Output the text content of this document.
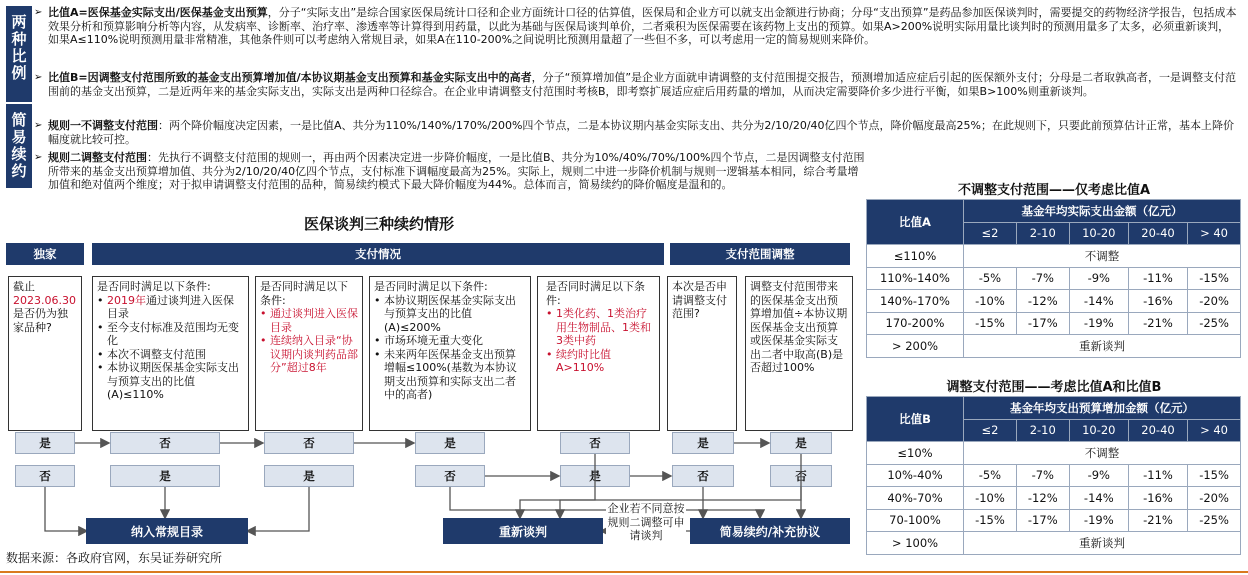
两种比例
简易续约
➢ 比值A=医保基金实际支出/医保基金支出预算，分子“实际支出”是综合国家医保局统计口径和企业方面统计口径的估算值，医保局和企业方可以就支出金额进行协商；分母“支出预算”是药品参加医保谈判时，需要提交的药物经济学报告，包括成本效果分析和预算影响分析等内容，从发病率、诊断率、治疗率、渗透率等计算得到用药量，以此为基础与医保局谈判单价，二者乘积为医保需要在该药物上支出的预算。如果A>200%说明实际用量比谈判时的预测用量多了太多，必须重新谈判，如果A≤110%说明预测用量非常精准，其他条件则可以考虑纳入常规目录，如果A在110-200%之间说明比预测用量超了一些但不多，可以考虑用一定的简易规则来降价。
➢ 比值B=因调整支付范围所致的基金支出预算增加值/本协议期基金支出预算和基金实际支出中的高者，分子“预算增加值”是企业方面就申请调整的支付范围提交报告，预测增加适应症后引起的医保额外支付；分母是二者取孰高者，一是调整支付范围前的基金支出预算，二是近两年来的基金实际支出，实际支出是两种口径综合。在企业申请调整支付范围时考核B，即考察扩展适应症后用药量的增加，从而决定需要降价多少进行平衡，如果B>100%则重新谈判。
➢ 规则一不调整支付范围：两个降价幅度决定因素，一是比值A、共分为110%/140%/170%/200%四个节点，二是本协议期内基金实际支出、共分为2/10/20/40亿四个节点，降价幅度最高25%；在此规则下，只要此前预算估计正常，基本上降价幅度就比较可控。
➢ 规则二调整支付范围：先执行不调整支付范围的规则一，再由两个因素决定进一步降价幅度，一是比值B、共分为10%/40%/70%/100%四个节点，二是因调整支付范围所带来的基金支出预算增加值、共分为2/10/20/40亿四个节点，支付标准下调幅度最高为25%。实际上，规则二中进一步降价机制与规则一逻辑基本相同，综合考量增加值和绝对值两个维度；对于拟申请调整支付范围的品种，简易续约模式下最大降价幅度为44%。总体而言，简易续约的降价幅度是温和的。
医保谈判三种续约情形
独家	支付情况	支付范围调整
截止2023.06.30是否仍为独家品种?
是否同时满足以下条件:
• 2019年通过谈判进入医保目录
• 至今支付标准及范围均无变化
• 本次不调整支付范围
• 本协议期医保基金实际支出与预算支出的比值(A)≤110%
是否同时满足以下条件:
• 通过谈判进入医保目录
• 连续纳入目录“协议期内谈判药品部分”超过8年
是否同时满足以下条件:
• 本协议期医保基金实际支出与预算支出的比值(A)≤200%
• 市场环境无重大变化
• 未来两年医保基金支出预算增幅≤100%(基数为本协议期支出预算和实际支出二者中的高者)
是否同时满足以下条件:
• 1类化药、1类治疗用生物制品、1类和3类中药
• 续约时比值A>110%
本次是否申请调整支付范围?
调整支付范围带来的医保基金支出预算增加值÷本协议期医保基金支出预算或医保基金实际支出二者中取高(B)是否超过100%
是
否
否
是
否
是
是
否
否
是
是
否
是
否
纳入常规目录	重新谈判	简易续约/补充协议
企业若不同意按规则二调整可申请谈判
不调整支付范围——仅考虑比值A
比值A	基金年均实际支出金额（亿元）				
	≤2	2-10	10-20	20-40	> 40
≤110%	不调整				
110%-140%	-5%	-7%	-9%	-11%	-15%
140%-170%	-10%	-12%	-14%	-16%	-20%
170-200%	-15%	-17%	-19%	-21%	-25%
> 200%	重新谈判				
调整支付范围——考虑比值A和比值B
比值B	基金年均支出预算增加金额（亿元）				
	≤2	2-10	10-20	20-40	> 40
≤10%	不调整				
10%-40%	-5%	-7%	-9%	-11%	-15%
40%-70%	-10%	-12%	-14%	-16%	-20%
70-100%	-15%	-17%	-19%	-21%	-25%
> 100%	重新谈判				
数据来源：各政府官网，东吴证券研究所
